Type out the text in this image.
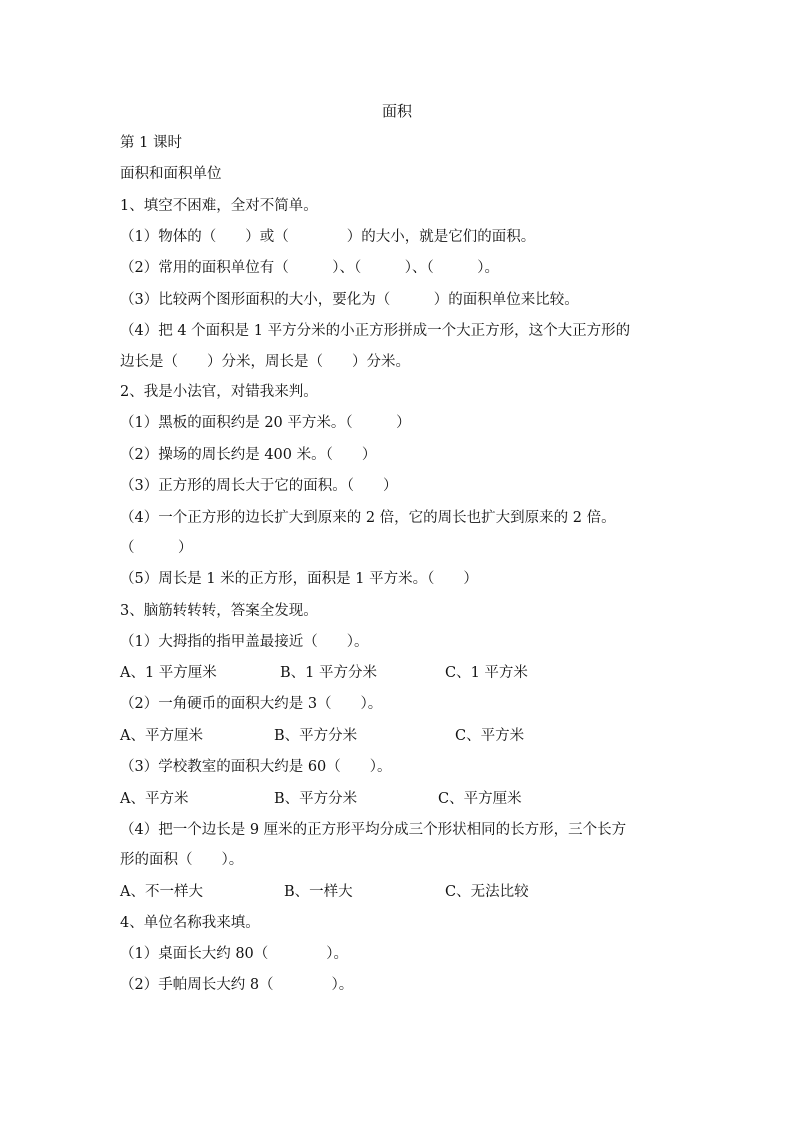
面积
第 1 课时
面积和面积单位
1、填空不困难，全对不简单。
（1）物体的（　　）或（　　　　）的大小，就是它们的面积。
（2）常用的面积单位有（　　　）、（　　　）、（　　　）。
（3）比较两个图形面积的大小，要化为（　　　）的面积单位来比较。
（4）把 4 个面积是 1 平方分米的小正方形拼成一个大正方形，这个大正方形的
边长是（　　）分米，周长是（　　）分米。
2、我是小法官，对错我来判。
（1）黑板的面积约是 20 平方米。（　　　）
（2）操场的周长约是 400 米。（　　）
（3）正方形的周长大于它的面积。（　　）
（4）一个正方形的边长扩大到原来的 2 倍，它的周长也扩大到原来的 2 倍。
（　　　）
（5）周长是 1 米的正方形，面积是 1 平方米。（　　）
3、脑筋转转转，答案全发现。
（1）大拇指的指甲盖最接近（　　）。
A、1 平方厘米	B、1 平方分米	C、1 平方米
（2）一角硬币的面积大约是 3（　　）。
A、平方厘米	B、平方分米	C、平方米
（3）学校教室的面积大约是 60（　　）。
A、平方米	B、平方分米	C、平方厘米
（4）把一个边长是 9 厘米的正方形平均分成三个形状相同的长方形，三个长方
形的面积（　　）。
A、不一样大	B、一样大	C、无法比较
4、单位名称我来填。
（1）桌面长大约 80（　　　　）。
（2）手帕周长大约 8（　　　　）。
